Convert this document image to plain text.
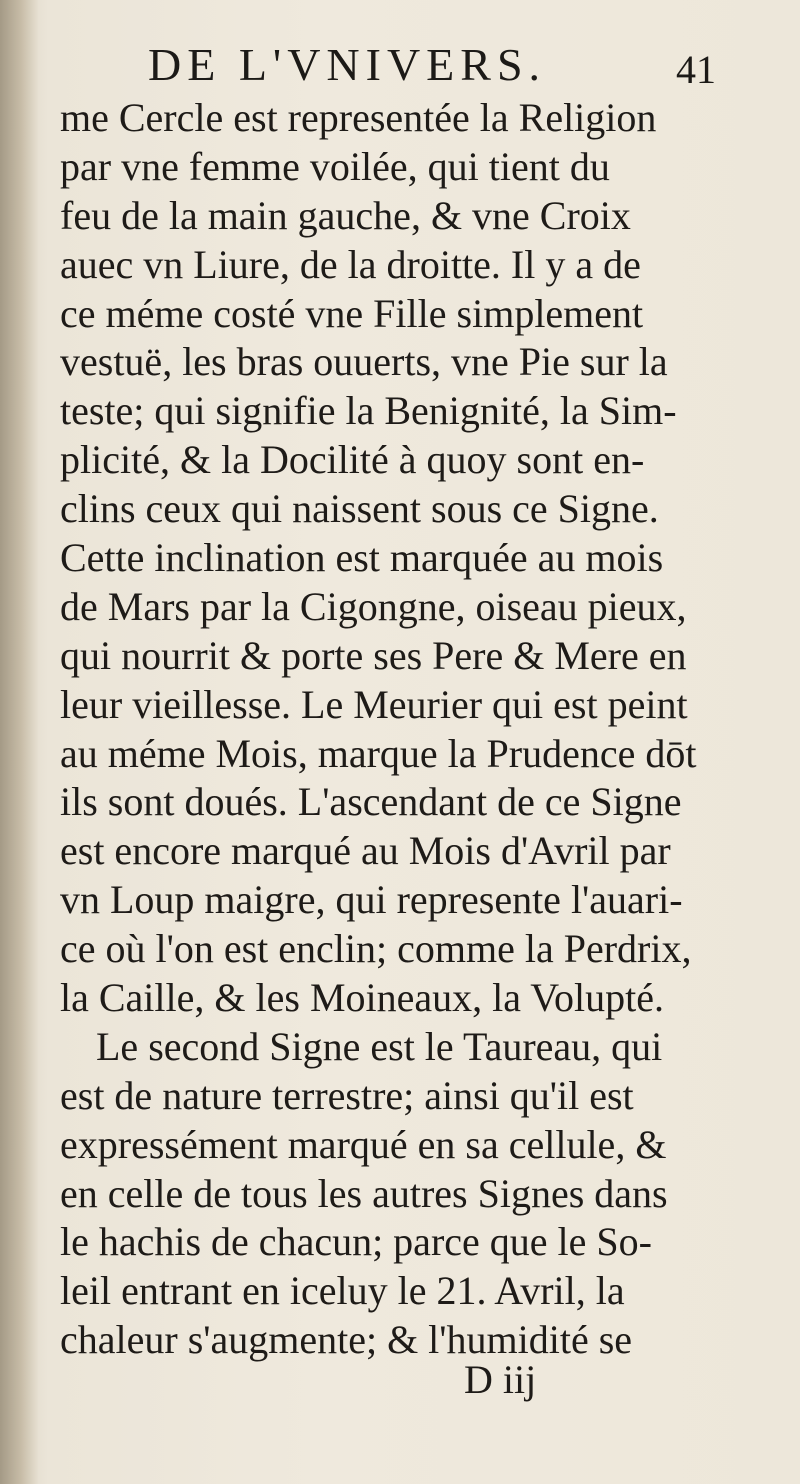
DE L'VNIVERS.	41
me Cercle est representée la Religion
par vne femme voilée, qui tient du
feu de la main gauche, & vne Croix
auec vn Liure, de la droitte. Il y a de
ce méme costé vne Fille simplement
vestuë, les bras ouuerts, vne Pie sur la
teste; qui signifie la Benignité, la Sim-
plicité, & la Docilité à quoy sont en-
clins ceux qui naissent sous ce Signe.
Cette inclination est marquée au mois
de Mars par la Cigongne, oiseau pieux,
qui nourrit & porte ses Pere & Mere en
leur vieillesse. Le Meurier qui est peint
au méme Mois, marque la Prudence dōt
ils sont doués. L'ascendant de ce Signe
est encore marqué au Mois d'Avril par
vn Loup maigre, qui represente l'auari-
ce où l'on est enclin; comme la Perdrix,
la Caille, & les Moineaux, la Volupté.
Le second Signe est le Taureau, qui
est de nature terrestre; ainsi qu'il est
expressément marqué en sa cellule, &
en celle de tous les autres Signes dans
le hachis de chacun; parce que le So-
leil entrant en iceluy le 21. Avril, la
chaleur s'augmente; & l'humidité se
D iij
